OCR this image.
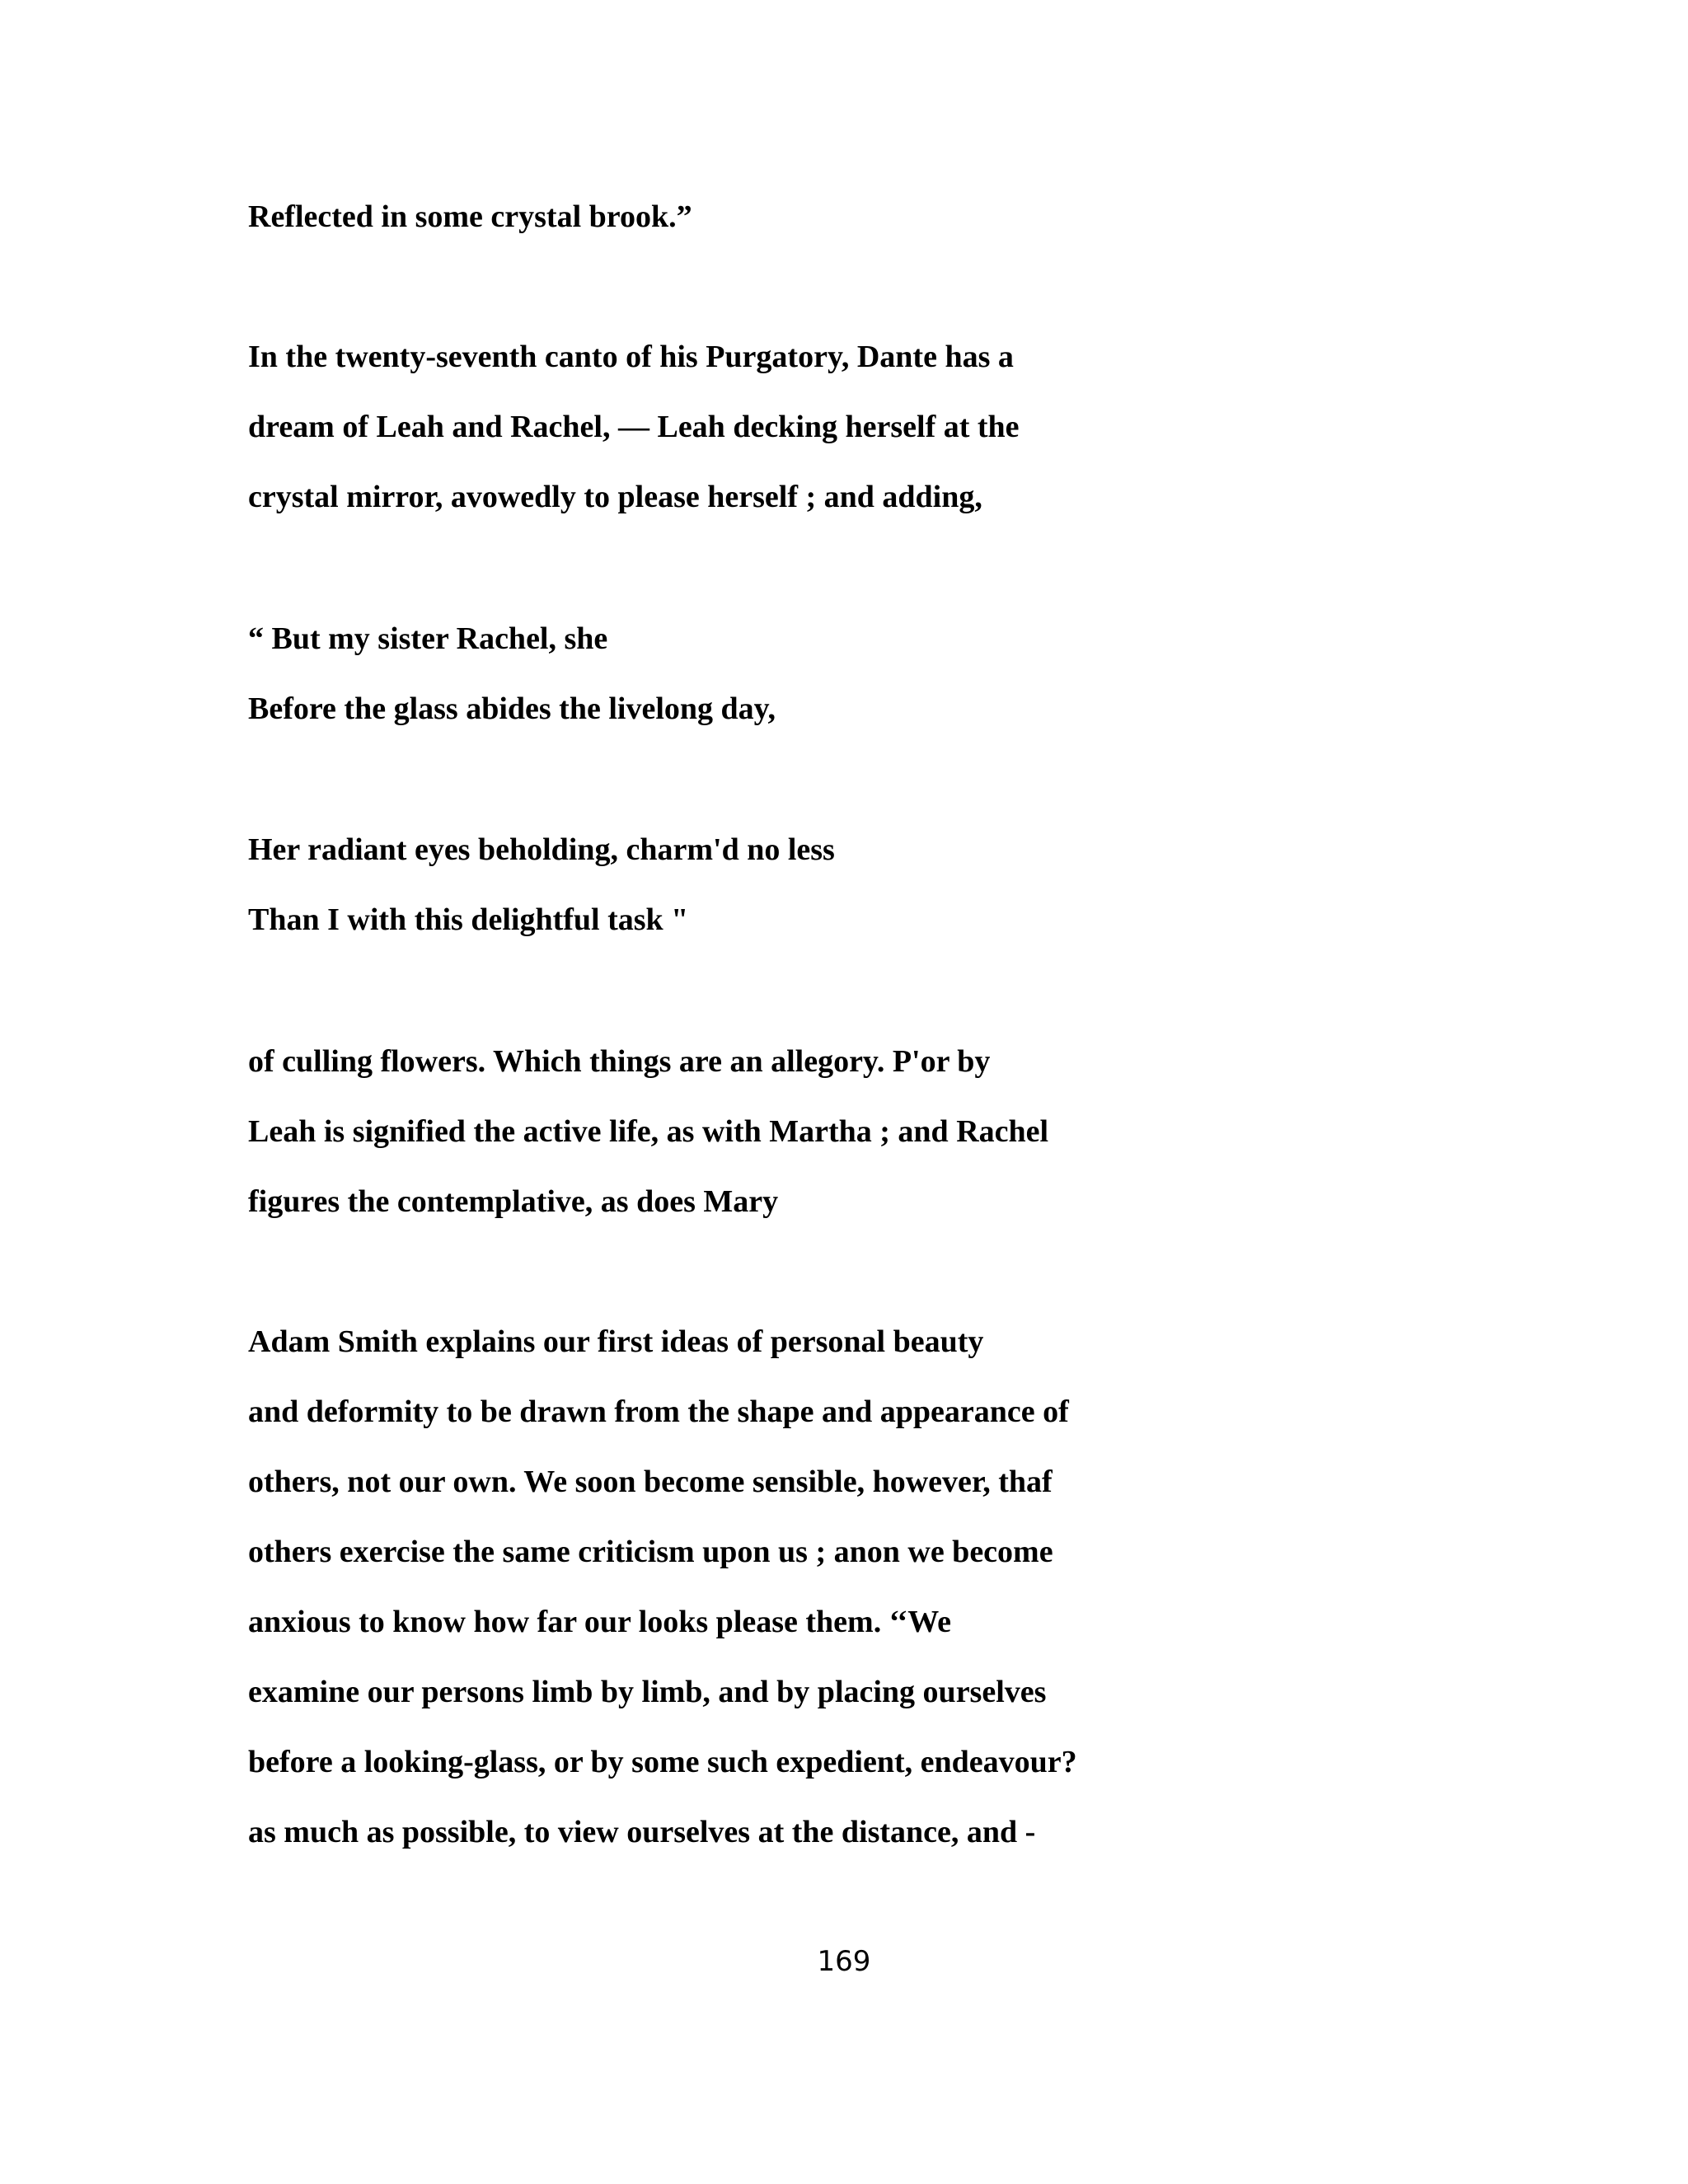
Reflected in some crystal brook.”

In the twenty-seventh canto of his Purgatory, Dante has a

dream of Leah and Rachel, — Leah decking herself at the

crystal mirror, avowedly to please herself ; and adding,

“ But my sister Rachel, she

Before the glass abides the livelong day,

Her radiant eyes beholding, charm'd no less

Than I with this delightful task "

of culling flowers. Which things are an allegory. P'or by

Leah is signified the active life, as with Martha ; and Rachel

figures the contemplative, as does Mary

Adam Smith explains our first ideas of personal beauty

and deformity to be drawn from the shape and appearance of

others, not our own. We soon become sensible, however, thaf

others exercise the same criticism upon us ; anon we become

anxious to know how far our looks please them. ‘‘We

examine our persons limb by limb, and by placing ourselves

before a looking-glass, or by some such expedient, endeavour?

as much as possible, to view ourselves at the distance, and -

169
